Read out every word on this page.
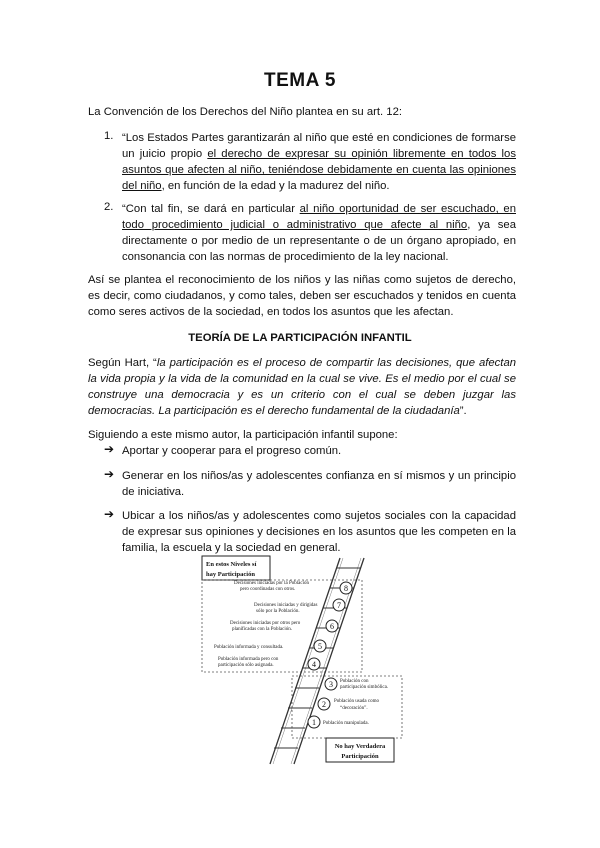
TEMA 5
La Convención de los Derechos del Niño plantea en su art. 12:
1. “Los Estados Partes garantizarán al niño que esté en condiciones de formarse un juicio propio el derecho de expresar su opinión libremente en todos los asuntos que afecten al niño, teniéndose debidamente en cuenta las opiniones del niño, en función de la edad y la madurez del niño.
2. “Con tal fin, se dará en particular al niño oportunidad de ser escuchado, en todo procedimiento judicial o administrativo que afecte al niño, ya sea directamente o por medio de un representante o de un órgano apropiado, en consonancia con las normas de procedimiento de la ley nacional.
Así se plantea el reconocimiento de los niños y las niñas como sujetos de derecho, es decir, como ciudadanos, y como tales, deben ser escuchados y tenidos en cuenta como seres activos de la sociedad, en todos los asuntos que les afectan.
TEORÍA DE LA PARTICIPACIÓN INFANTIL
Según Hart, “la participación es el proceso de compartir las decisiones, que afectan la vida propia y la vida de la comunidad en la cual se vive. Es el medio por el cual se construye una democracia y es un criterio con el cual se deben juzgar las democracias. La participación es el derecho fundamental de la ciudadanía”.
Siguiendo a este mismo autor, la participación infantil supone:
➔ Aportar y cooperar para el progreso común.
➔ Generar en los niños/as y adolescentes confianza en sí mismos y un principio de iniciativa.
➔ Ubicar a los niños/as y adolescentes como sujetos sociales con la capacidad de expresar sus opiniones y decisiones en los asuntos que les competen en la familia, la escuela y la sociedad en general.
En estos Niveles sí
hay Participación
Decisiones iniciadas por la Población
pero coordinadas con otros.	8
Decisiones iniciadas y dirigidas
sólo por la Población.
7
Decisiones iniciadas por otros pero
planificadas con la Población.	6
Población informada y consultada.	5
Población informada pero con
participación sólo asignada.	4
3 Población con
participación simbólica.
2 Población usada como
“decoración”.
1 Población manipulada.
No hay Verdadera
Participación
